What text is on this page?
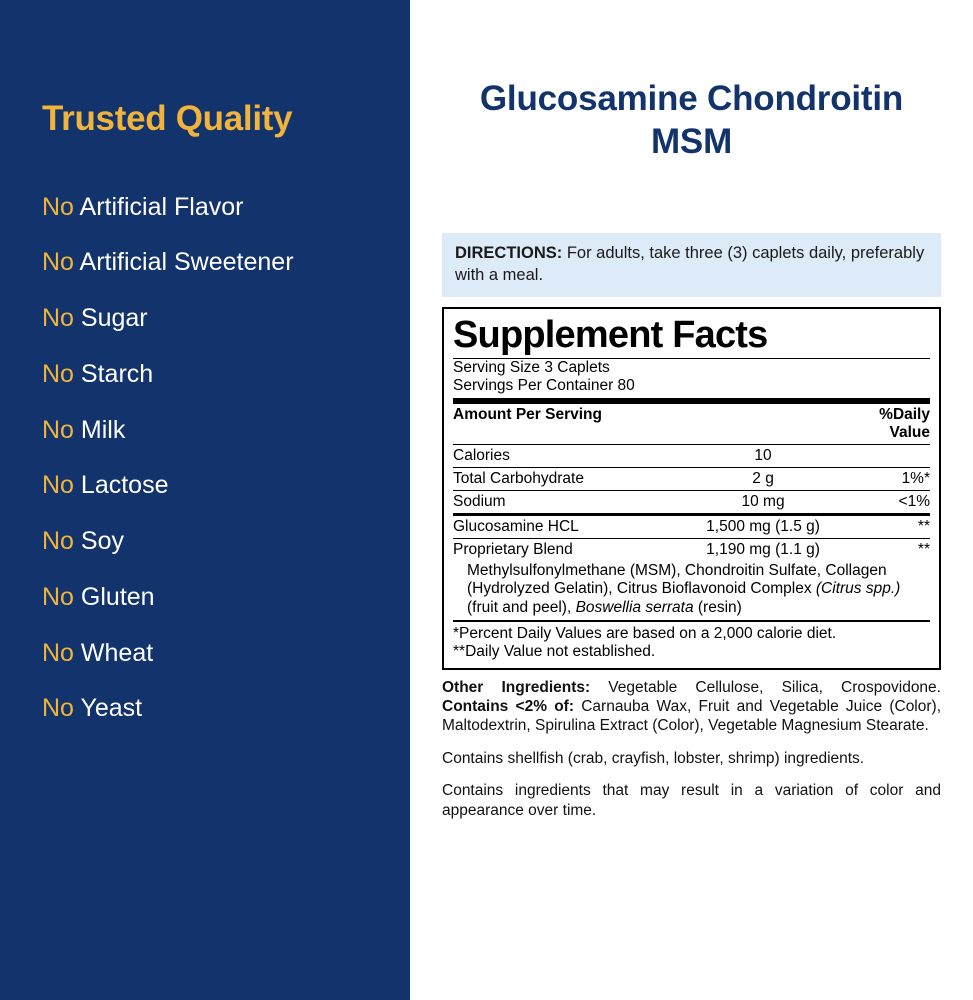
Trusted Quality
No Artificial Flavor
No Artificial Sweetener
No Sugar
No Starch
No Milk
No Lactose
No Soy
No Gluten
No Wheat
No Yeast
Glucosamine Chondroitin MSM
DIRECTIONS: For adults, take three (3) caplets daily, preferably with a meal.
Supplement Facts
Serving Size 3 Caplets
Servings Per Container 80
Amount Per Serving		%Daily Value
Calories	10	
Total Carbohydrate	2 g	1%*
Sodium	10 mg	<1%
Glucosamine HCL	1,500 mg (1.5 g)	**
Proprietary Blend	1,190 mg (1.1 g)	**
Methylsulfonylmethane (MSM), Chondroitin Sulfate, Collagen (Hydrolyzed Gelatin), Citrus Bioflavonoid Complex (Citrus spp.) (fruit and peel), Boswellia serrata (resin)
*Percent Daily Values are based on a 2,000 calorie diet.
**Daily Value not established.
Other Ingredients: Vegetable Cellulose, Silica, Crospovidone. Contains <2% of: Carnauba Wax, Fruit and Vegetable Juice (Color), Maltodextrin, Spirulina Extract (Color), Vegetable Magnesium Stearate.
Contains shellfish (crab, crayfish, lobster, shrimp) ingredients.
Contains ingredients that may result in a variation of color and appearance over time.
